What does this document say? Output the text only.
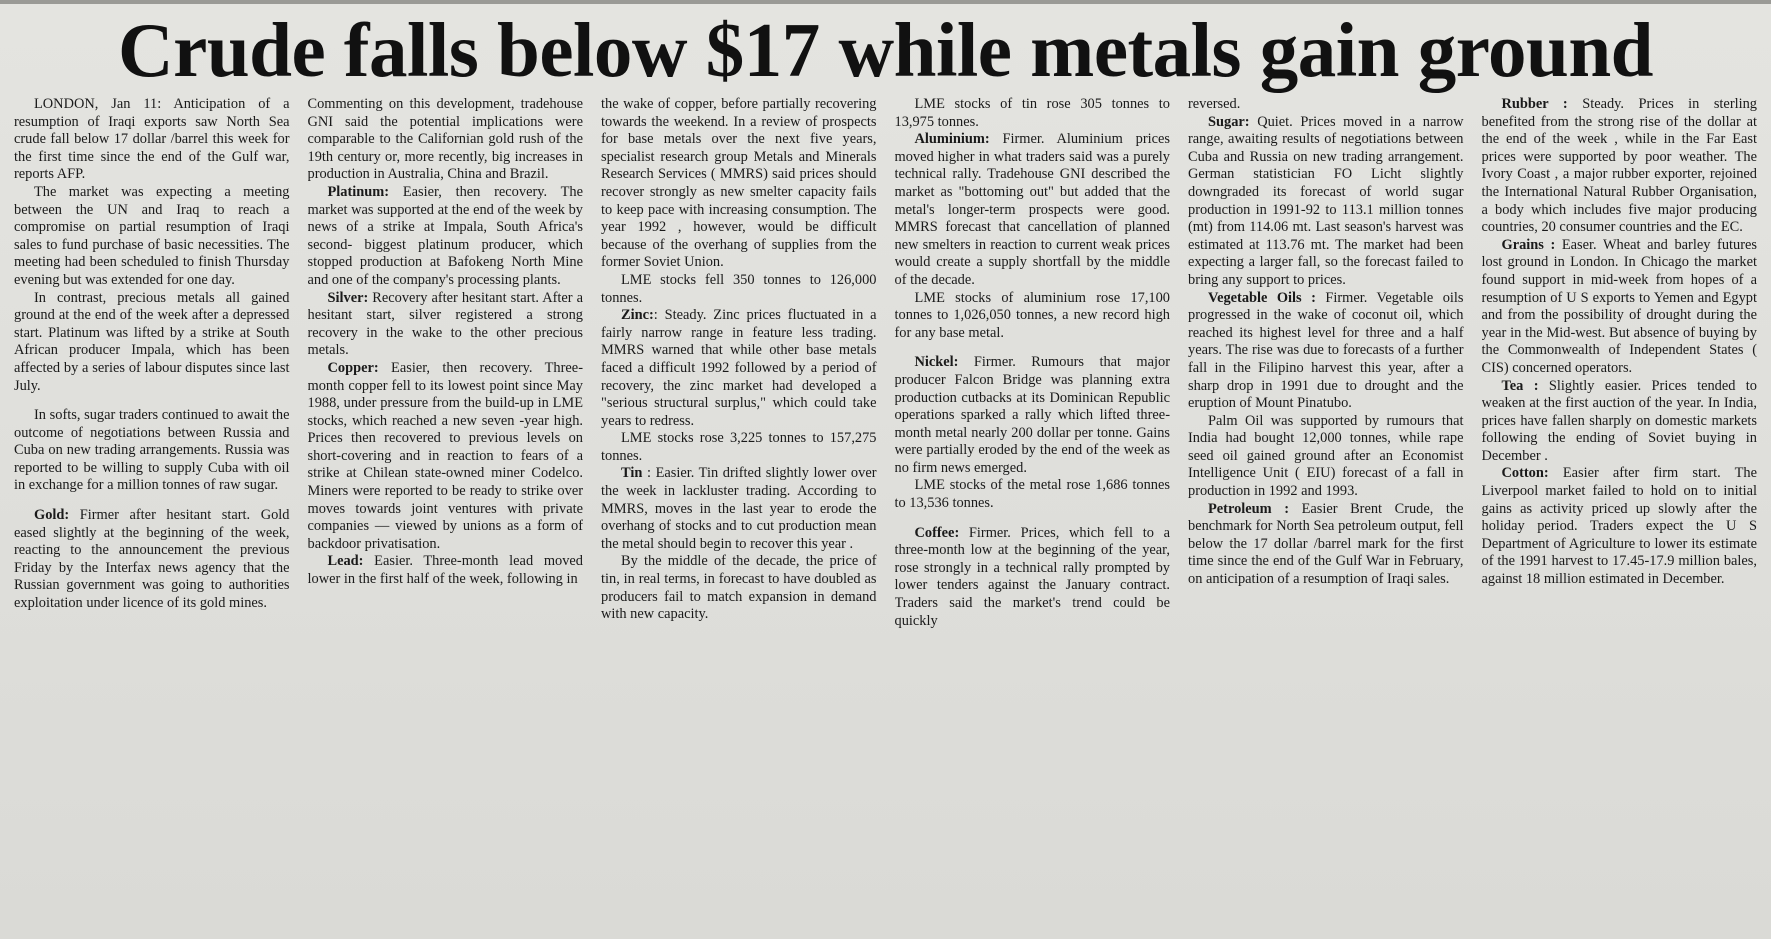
Crude falls below $17 while metals gain ground

LONDON, Jan 11: Anticipation of a resumption of Iraqi exports saw North Sea crude fall below 17 dollar /barrel this week for the first time since the end of the Gulf war, reports AFP.

The market was expecting a meeting between the UN and Iraq to reach a compromise on partial resumption of Iraqi sales to fund purchase of basic necessities. The meeting had been scheduled to finish Thursday evening but was extended for one day.

In contrast, precious metals all gained ground at the end of the week after a depressed start. Platinum was lifted by a strike at South African producer Impala, which has been affected by a series of labour disputes since last July.

In softs, sugar traders continued to await the outcome of negotiations between Russia and Cuba on new trading arrangements. Russia was reported to be willing to supply Cuba with oil in exchange for a million tonnes of raw sugar.

Gold: Firmer after hesitant start. Gold eased slightly at the beginning of the week, reacting to the announcement the previous Friday by the Interfax news agency that the Russian government was going to authorities exploitation under licence of its gold mines.

Commenting on this development, tradehouse GNI said the potential implications were comparable to the Californian gold rush of the 19th century or, more recently, big increases in production in Australia, China and Brazil.

Platinum: Easier, then recovery. The market was supported at the end of the week by news of a strike at Impala, South Africa's second- biggest platinum producer, which stopped production at Bafokeng North Mine and one of the company's processing plants.

Silver: Recovery after hesitant start. After a hesitant start, silver registered a strong recovery in the wake to the other precious metals.

Copper: Easier, then recovery. Three-month copper fell to its lowest point since May 1988, under pressure from the build-up in LME stocks, which reached a new seven -year high. Prices then recovered to previous levels on short-covering and in reaction to fears of a strike at Chilean state-owned miner Codelco. Miners were reported to be ready to strike over moves towards joint ventures with private companies — viewed by unions as a form of backdoor privatisation.

Lead: Easier. Three-month lead moved lower in the first half of the week, following in

the wake of copper, before partially recovering towards the weekend. In a review of prospects for base metals over the next five years, specialist research group Metals and Minerals Research Services ( MMRS) said prices should recover strongly as new smelter capacity fails to keep pace with increasing consumption. The year 1992 , however, would be difficult because of the overhang of supplies from the former Soviet Union.

LME stocks fell 350 tonnes to 126,000 tonnes.

Zinc:: Steady. Zinc prices fluctuated in a fairly narrow range in feature less trading. MMRS warned that while other base metals faced a difficult 1992 followed by a period of recovery, the zinc market had developed a "serious structural surplus," which could take years to redress.

LME stocks rose 3,225 tonnes to 157,275 tonnes.

Tin : Easier. Tin drifted slightly lower over the week in lackluster trading. According to MMRS, moves in the last year to erode the overhang of stocks and to cut production mean the metal should begin to recover this year .

By the middle of the decade, the price of tin, in real terms, in forecast to have doubled as producers fail to match expansion in demand with new capacity.

LME stocks of tin rose 305 tonnes to 13,975 tonnes.

Aluminium: Firmer. Aluminium prices moved higher in what traders said was a purely technical rally. Tradehouse GNI described the market as "bottoming out" but added that the metal's longer-term prospects were good. MMRS forecast that cancellation of planned new smelters in reaction to current weak prices would create a supply shortfall by the middle of the decade.

LME stocks of aluminium rose 17,100 tonnes to 1,026,050 tonnes, a new record high for any base metal.

Nickel: Firmer. Rumours that major producer Falcon Bridge was planning extra production cutbacks at its Dominican Republic operations sparked a rally which lifted three-month metal nearly 200 dollar per tonne. Gains were partially eroded by the end of the week as no firm news emerged.

LME stocks of the metal rose 1,686 tonnes to 13,536 tonnes.

Coffee: Firmer. Prices, which fell to a three-month low at the beginning of the year, rose strongly in a technical rally prompted by lower tenders against the January contract. Traders said the market's trend could be quickly

reversed.

Sugar: Quiet. Prices moved in a narrow range, awaiting results of negotiations between Cuba and Russia on new trading arrangement. German statistician FO Licht slightly downgraded its forecast of world sugar production in 1991-92 to 113.1 million tonnes (mt) from 114.06 mt. Last season's harvest was estimated at 113.76 mt. The market had been expecting a larger fall, so the forecast failed to bring any support to prices.

Vegetable Oils : Firmer. Vegetable oils progressed in the wake of coconut oil, which reached its highest level for three and a half years. The rise was due to forecasts of a further fall in the Filipino harvest this year, after a sharp drop in 1991 due to drought and the eruption of Mount Pinatubo.

Palm Oil was supported by rumours that India had bought 12,000 tonnes, while rape seed oil gained ground after an Economist Intelligence Unit ( EIU) forecast of a fall in production in 1992 and 1993.

Petroleum : Easier Brent Crude, the benchmark for North Sea petroleum output, fell below the 17 dollar /barrel mark for the first time since the end of the Gulf War in February, on anticipation of a resumption of Iraqi sales.

Rubber : Steady. Prices in sterling benefited from the strong rise of the dollar at the end of the week , while in the Far East prices were supported by poor weather. The Ivory Coast , a major rubber exporter, rejoined the International Natural Rubber Organisation, a body which includes five major producing countries, 20 consumer countries and the EC.

Grains : Easer. Wheat and barley futures lost ground in London. In Chicago the market found support in mid-week from hopes of a resumption of U S exports to Yemen and Egypt and from the possibility of drought during the year in the Mid-west. But absence of buying by the Commonwealth of Independent States ( CIS) concerned operators.

Tea : Slightly easier. Prices tended to weaken at the first auction of the year. In India, prices have fallen sharply on domestic markets following the ending of Soviet buying in December .

Cotton: Easier after firm start. The Liverpool market failed to hold on to initial gains as activity priced up slowly after the holiday period. Traders expect the U S Department of Agriculture to lower its estimate of the 1991 harvest to 17.45-17.9 million bales, against 18 million estimated in December.
